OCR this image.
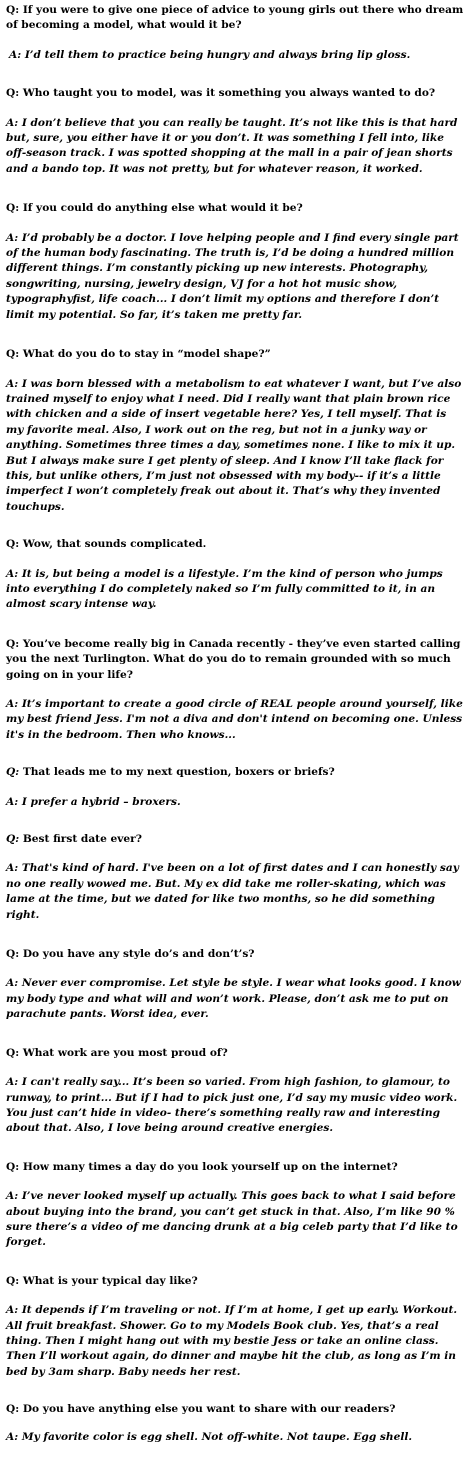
Q: If you were to give one piece of advice to young girls out there who dream of becoming a model, what would it be?

A: I’d tell them to practice being hungry and always bring lip gloss.

Q: Who taught you to model, was it something you always wanted to do?

A: I don’t believe that you can really be taught. It’s not like this is that hard but, sure, you either have it or you don’t. It was something I fell into, like off-season track. I was spotted shopping at the mall in a pair of jean shorts and a bando top. It was not pretty, but for whatever reason, it worked.

Q: If you could do anything else what would it be?

A: I’d probably be a doctor. I love helping people and I find every single part of the human body fascinating. The truth is, I’d be doing a hundred million different things. I’m constantly picking up new interests. Photography, songwriting, nursing, jewelry design, VJ for a hot hot music show, typographyfist, life coach... I don’t limit my options and therefore I don’t limit my potential. So far, it’s taken me pretty far.

Q: What do you do to stay in “model shape?”

A: I was born blessed with a metabolism to eat whatever I want, but I’ve also trained myself to enjoy what I need. Did I really want that plain brown rice with chicken and a side of insert vegetable here? Yes, I tell myself. That is my favorite meal. Also, I work out on the reg, but not in a junky way or anything. Sometimes three times a day, sometimes none. I like to mix it up. But I always make sure I get plenty of sleep. And I know I’ll take flack for this, but unlike others, I’m just not obsessed with my body-- if it’s a little imperfect I won’t completely freak out about it. That’s why they invented touchups.

Q: Wow, that sounds complicated.

A: It is, but being a model is a lifestyle. I’m the kind of person who jumps into everything I do completely naked so I’m fully committed to it, in an almost scary intense way.

Q: You’ve become really big in Canada recently - they’ve even started calling you the next Turlington. What do you do to remain grounded with so much going on in your life?

A: It’s important to create a good circle of REAL people around yourself, like my best friend Jess. I'm not a diva and don't intend on becoming one. Unless it's in the bedroom. Then who knows...

Q: That leads me to my next question, boxers or briefs?

A: I prefer a hybrid – broxers.

Q: Best first date ever?

A: That's kind of hard. I've been on a lot of first dates and I can honestly say no one really wowed me. But. My ex did take me roller-skating, which was lame at the time, but we dated for like two months, so he did something right.

Q: Do you have any style do’s and don’t’s?

A: Never ever compromise. Let style be style. I wear what looks good. I know my body type and what will and won’t work. Please, don’t ask me to put on parachute pants. Worst idea, ever.

Q: What work are you most proud of?

A: I can't really say... It’s been so varied. From high fashion, to glamour, to runway, to print... But if I had to pick just one, I’d say my music video work. You just can’t hide in video- there’s something really raw and interesting about that. Also, I love being around creative energies.

Q: How many times a day do you look yourself up on the internet?

A: I’ve never looked myself up actually. This goes back to what I said before about buying into the brand, you can’t get stuck in that. Also, I’m like 90 % sure there’s a video of me dancing drunk at a big celeb party that I’d like to forget.

Q: What is your typical day like?

A: It depends if I’m traveling or not. If I’m at home, I get up early. Workout. All fruit breakfast. Shower. Go to my Models Book club. Yes, that’s a real thing. Then I might hang out with my bestie Jess or take an online class. Then I’ll workout again, do dinner and maybe hit the club, as long as I’m in bed by 3am sharp. Baby needs her rest.

Q: Do you have anything else you want to share with our readers?

A: My favorite color is egg shell. Not off-white. Not taupe. Egg shell.
